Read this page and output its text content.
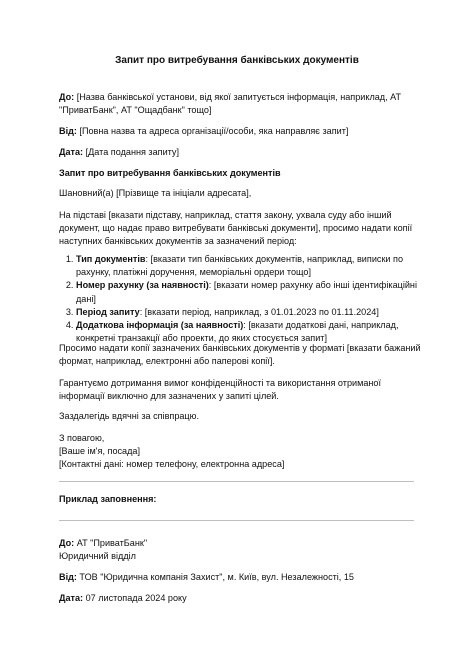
Запит про витребування банківських документів

До: [Назва банківської установи, від якої запитується інформація, наприклад, АТ "ПриватБанк", АТ "Ощадбанк" тощо]

Від: [Повна назва та адреса організації/особи, яка направляє запит]

Дата: [Дата подання запиту]

Запит про витребування банківських документів
Шановний(а) [Прізвище та ініціали адресата],
На підставі [вказати підставу, наприклад, стаття закону, ухвала суду або інший документ, що надає право витребувати банківські документи], просимо надати копії наступних банківських документів за зазначений період:
1. Тип документів: [вказати тип банківських документів, наприклад, виписки по рахунку, платіжні доручення, меморіальні ордери тощо]
2. Номер рахунку (за наявності): [вказати номер рахунку або інші ідентифікаційні дані]
3. Період запиту: [вказати період, наприклад, з 01.01.2023 по 01.11.2024]
4. Додаткова інформація (за наявності): [вказати додаткові дані, наприклад, конкретні транзакції або проекти, до яких стосується запит]
Просимо надати копії зазначених банківських документів у форматі [вказати бажаний формат, наприклад, електронні або паперові копії].
Гарантуємо дотримання вимог конфіденційності та використання отриманої інформації виключно для зазначених у запиті цілей.
Заздалегідь вдячні за співпрацю.

З повагою,

[Ваше ім'я, посада]

[Контактні дані: номер телефону, електронна адреса]

Приклад заповнення:

До: АТ "ПриватБанк"

Юридичний відділ

Від: ТОВ "Юридична компанія Захист", м. Київ, вул. Незалежності, 15

Дата: 07 листопада 2024 року
